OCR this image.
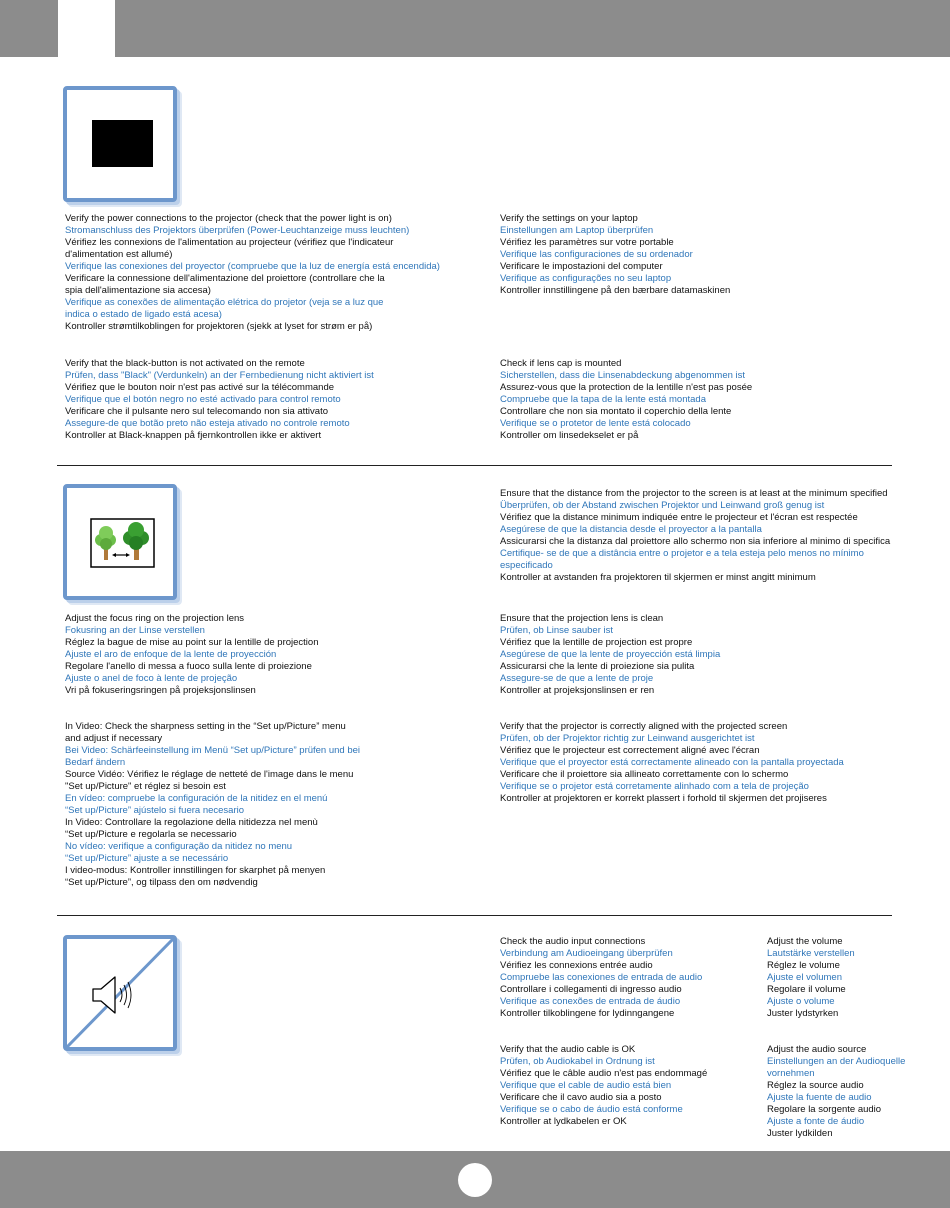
Verify the power connections to the projector (check that the power light is on)
Stromanschluss des Projektors überprüfen (Power-Leuchtanzeige muss leuchten)
Vérifiez les connexions de l'alimentation au projecteur (vérifiez que l'indicateur
d'alimentation est allumé)
Verifique las conexiones del proyector (compruebe que la luz de energía está encendida)
Verificare la connessione dell'alimentazione del proiettore (controllare che la
spia dell'alimentazione sia accesa)
Verifique as conexões de alimentação elétrica do projetor (veja se a luz que
indica o estado de ligado está acesa)
Kontroller strømtilkoblingen for projektoren (sjekk at lyset for strøm er på)
Verify the settings on your laptop
Einstellungen am Laptop überprüfen
Vérifiez les paramètres sur votre portable
Verifique las configuraciones de su ordenador
Verificare le impostazioni del computer
Verifique as configurações no seu laptop
Kontroller innstillingene på den bærbare datamaskinen
Verify that the black-button is not activated on the remote
Prüfen, dass "Black" (Verdunkeln) an der Fernbedienung nicht aktiviert ist
Vérifiez que le bouton noir n'est pas activé sur la télécommande
Verifique que el botón negro no esté activado para control remoto
Verificare che il pulsante nero sul telecomando non sia attivato
Assegure-de que botão preto não esteja ativado no controle remoto
Kontroller at Black-knappen på fjernkontrollen ikke er aktivert
Check if lens cap is mounted
Sicherstellen, dass die Linsenabdeckung abgenommen ist
Assurez-vous que la protection de la lentille n'est pas posée
Compruebe que la tapa de la lente está montada
Controllare che non sia montato il coperchio della lente
Verifique se o protetor de lente está colocado
Kontroller om linsedekselet er på
Ensure that the distance from the projector to the screen is at least at the minimum specified
Überprüfen, ob der Abstand zwischen Projektor und Leinwand groß genug ist
Vérifiez que la distance minimum indiquée entre le projecteur et l'écran est respectée
Asegúrese de que la distancia desde el proyector a la pantalla
Assicurarsi che la distanza dal proiettore allo schermo non sia inferiore al minimo di specifica
Certifique- se de que a distância entre o projetor e a tela esteja pelo menos no mínimo
especificado
Kontroller at avstanden fra projektoren til skjermen er minst angitt minimum
Adjust the focus ring on the projection lens
Fokusring an der Linse verstellen
Réglez la bague de mise au point sur la lentille de projection
Ajuste el aro de enfoque de la lente de proyección
Regolare l'anello di messa a fuoco sulla lente di proiezione
Ajuste o anel de foco à lente de projeção
Vri på fokuseringsringen på projeksjonslinsen
Ensure that the projection lens is clean
Prüfen, ob Linse sauber ist
Vérifiez que la lentille de projection est propre
Asegúrese de que la lente de proyección está limpia
Assicurarsi che la lente di proiezione sia pulita
Assegure-se de que a lente de proje
Kontroller at projeksjonslinsen er ren
In Video: Check the sharpness setting in the “Set up/Picture” menu
and adjust if necessary
Bei Video: Schärfeeinstellung im Menü “Set up/Picture” prüfen und bei
Bedarf ändern
Source Vidéo: Vérifiez le réglage de netteté de l'image dans le menu
"Set up/Picture" et réglez si besoin est
En vídeo: compruebe la configuración de la nitidez en el menú
“Set up/Picture” ajústelo si fuera necesario
In Video: Controllare la regolazione della nitidezza nel menù
“Set up/Picture e regolarla se necessario
No vídeo: verifique a configuração da nitidez no menu
“Set up/Picture” ajuste a se necessário
I video-modus: Kontroller innstillingen for skarphet på menyen
“Set up/Picture”, og tilpass den om nødvendig
Verify that the projector is correctly aligned with the projected screen
Prüfen, ob der Projektor richtig zur Leinwand ausgerichtet ist
Vérifiez que le projecteur est correctement aligné avec l'écran
Verifique que el proyector está correctamente alineado con la pantalla proyectada
Verificare che il proiettore sia allineato correttamente con lo schermo
Verifique se o projetor está corretamente alinhado com a tela de projeção
Kontroller at projektoren er korrekt plassert i forhold til skjermen det projiseres
Check the audio input connections
Verbindung am Audioeingang überprüfen
Vérifiez les connexions entrée audio
Compruebe las conexiones de entrada de audio
Controllare i collegamenti di ingresso audio
Verifique as conexões de entrada de áudio
Kontroller tilkoblingene for lydinngangene
Adjust the volume
Lautstärke verstellen
Réglez le volume
Ajuste el volumen
Regolare il volume
Ajuste o volume
Juster lydstyrken
Verify that the audio cable is OK
Prüfen, ob Audiokabel in Ordnung ist
Vérifiez que le câble audio n'est pas endommagé
Verifique que el cable de audio está bien
Verificare che il cavo audio sia a posto
Verifique se o cabo de áudio está conforme
Kontroller at lydkabelen er OK
Adjust the audio source
Einstellungen an der Audioquelle
vornehmen
Réglez la source audio
Ajuste la fuente de audio
Regolare la sorgente audio
Ajuste a fonte de áudio
Juster lydkilden
